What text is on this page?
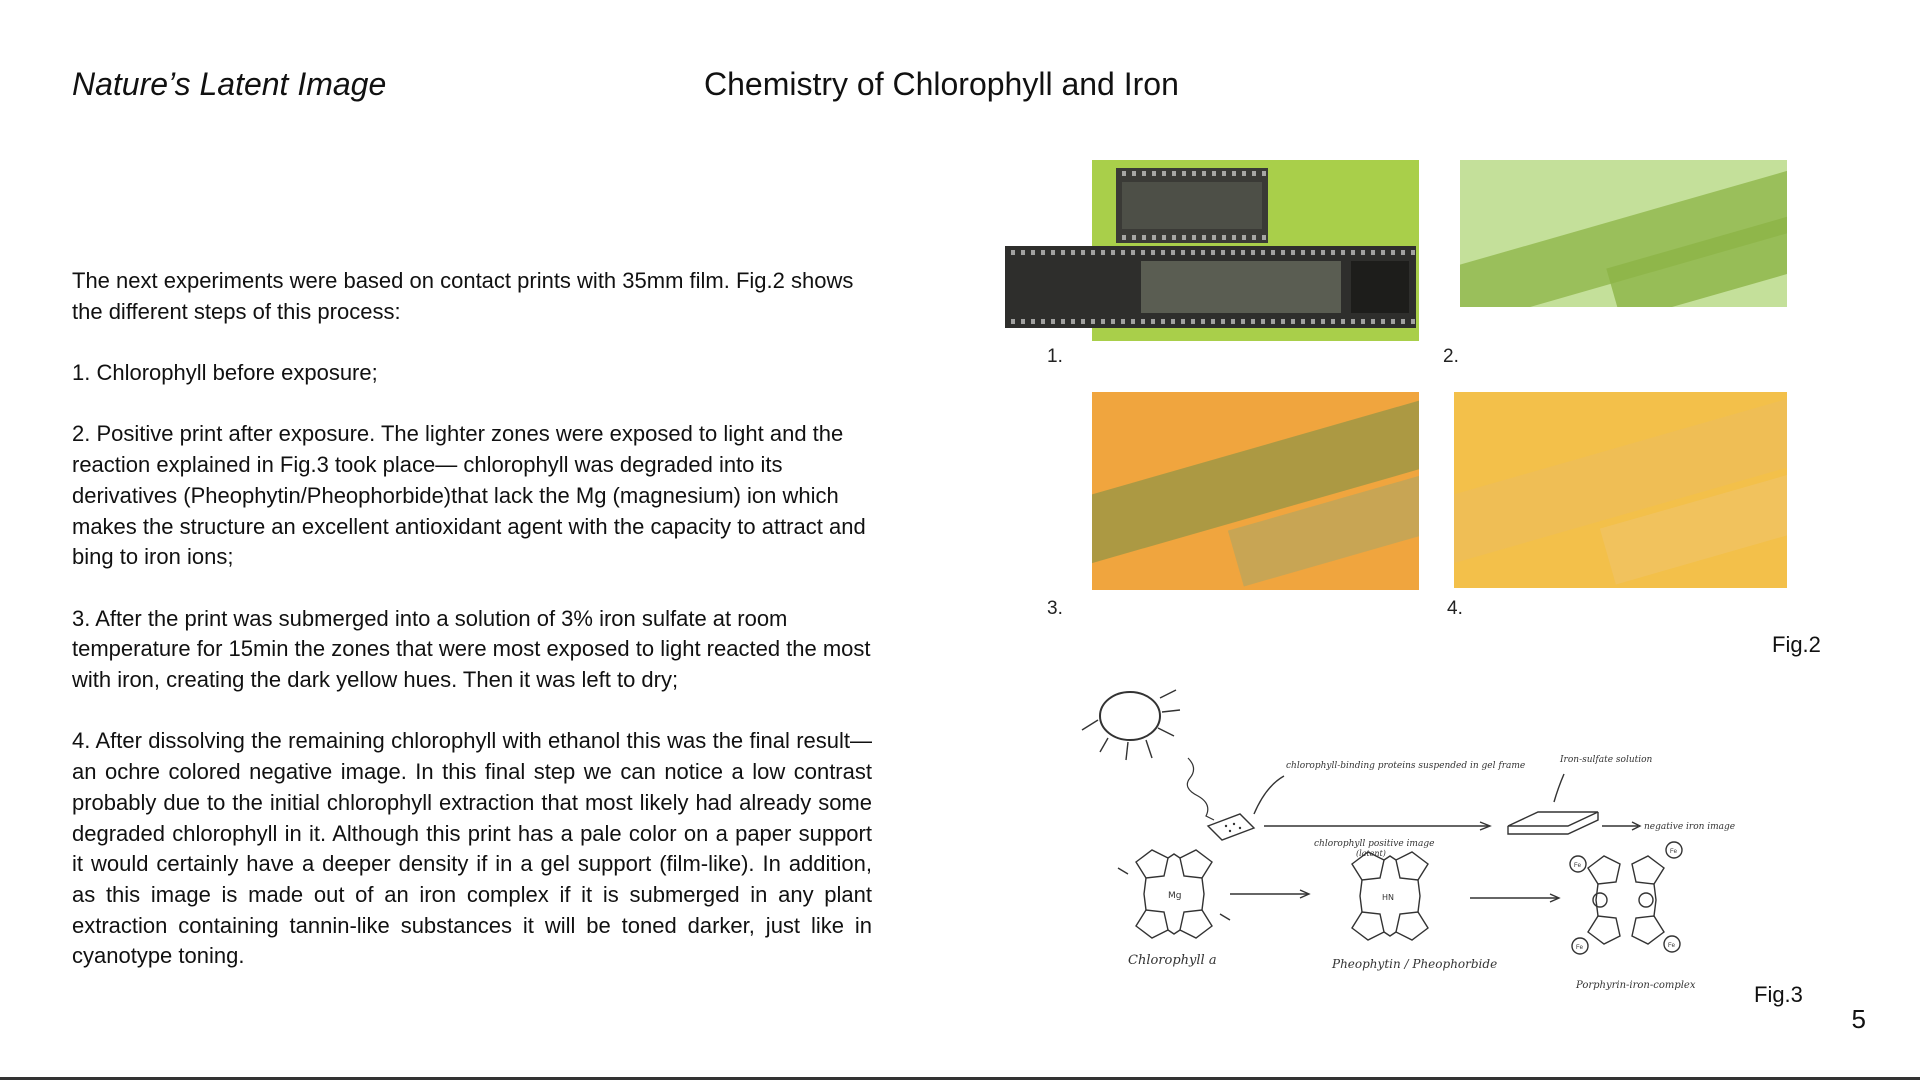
Nature’s Latent Image	Chemistry of Chlorophyll and Iron

The next experiments were based on contact prints with 35mm film. Fig.2 shows the different steps of this process:

1. Chlorophyll before exposure;

2. Positive print after exposure. The lighter zones were exposed to light and the reaction explained in Fig.3 took place— chlorophyll was degraded into its derivatives (Pheophytin/Pheophorbide)that lack the Mg (magnesium) ion which makes the structure an excellent antioxidant agent with the capacity to attract and bing to iron ions;

3. After the print was submerged into a solution of 3% iron sulfate at room temperature for 15min the zones that were most exposed to light reacted the most with iron, creating the dark yellow hues. Then it was left to dry;

4. After dissolving the remaining chlorophyll with ethanol this was the final result— an ochre colored negative image. In this final step we can notice a low contrast probably due to the initial chlorophyll extraction that most likely had already some degraded chlorophyll in it. Although this print has a pale color on a paper support it would certainly have a deeper density if in a gel support (film-like). In addition, as this image is made out of an iron complex if it is submerged in any plant extraction containing tannin-like substances it will be toned darker, just like in cyanotype toning.

1.	2.
3.	4.
Fig.2
chlorophyll-binding proteins suspended in gel frame
chlorophyll positive image
(latent)
Iron-sulfate solution
negative iron image
Mg	HN
Fe
Fe
Fe	Fe
Chlorophyll a	Pheophytin / Pheophorbide
Porphyrin-iron-complex	Fig.3
5
